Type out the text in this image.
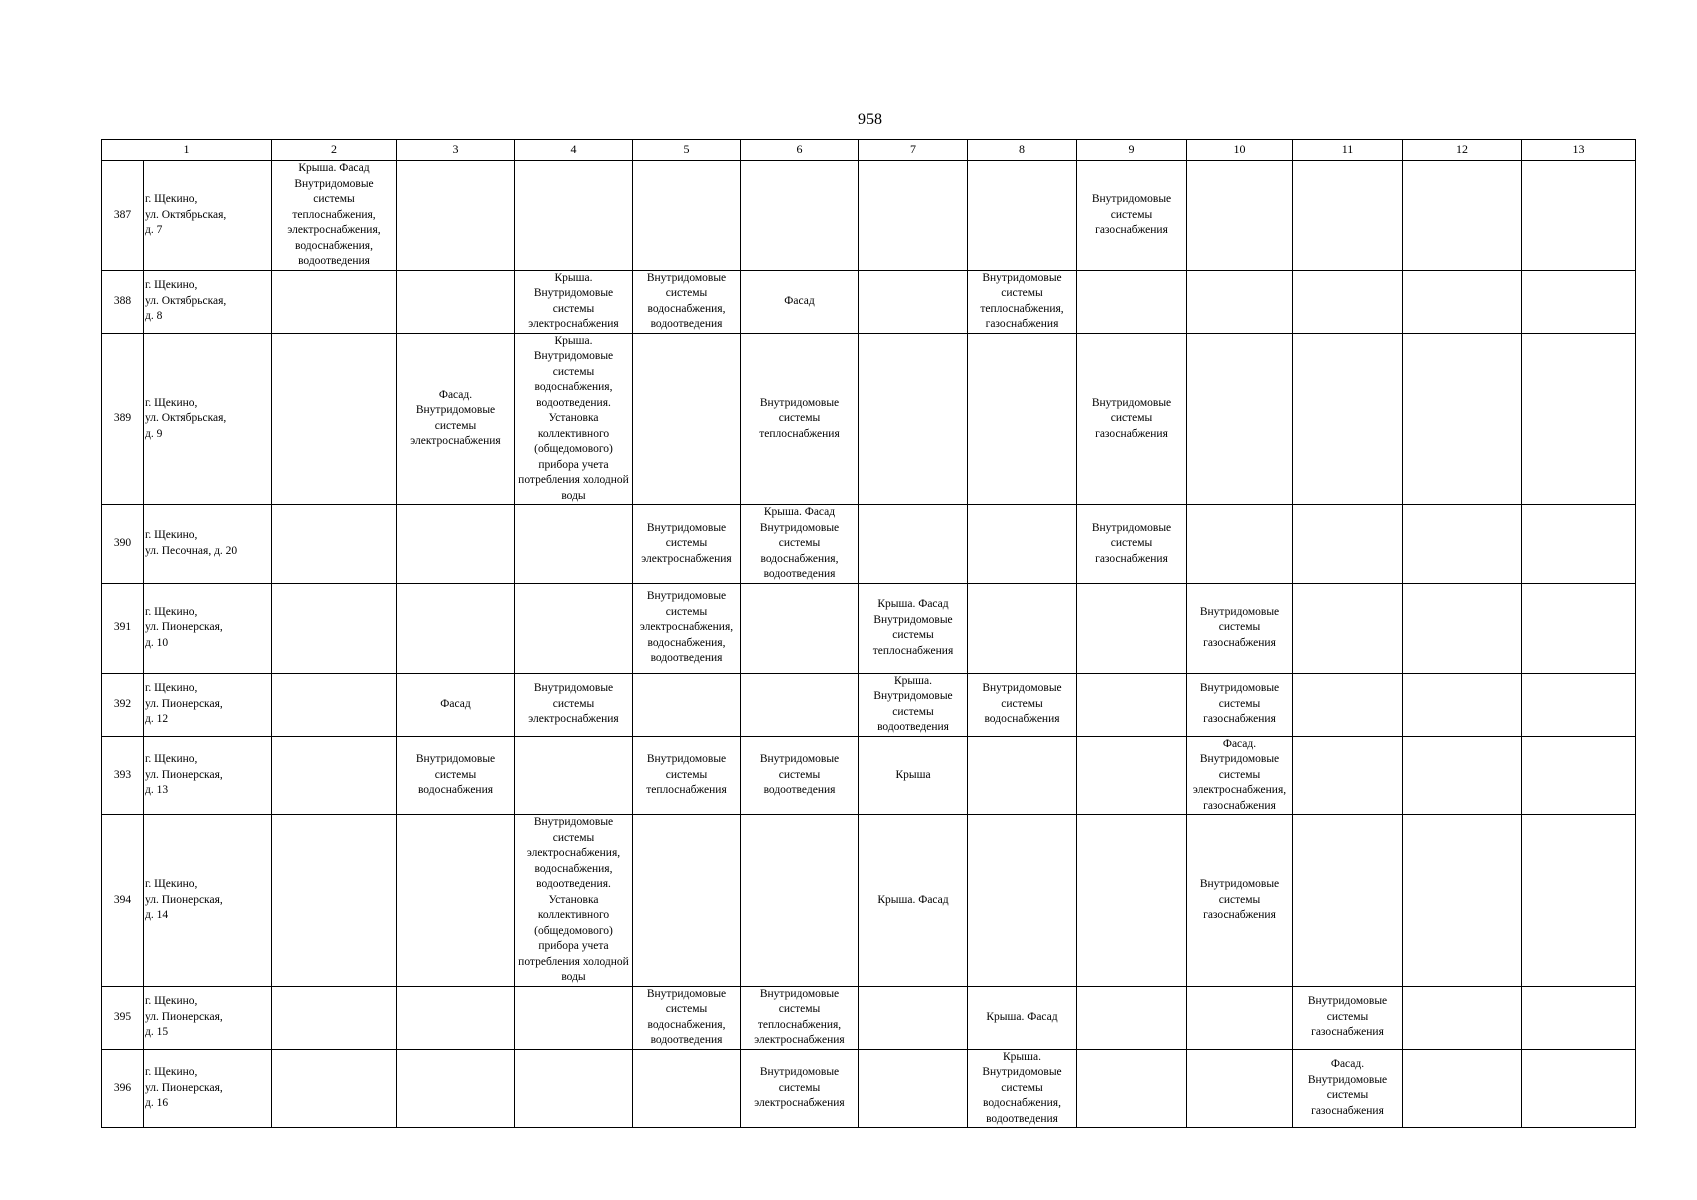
958
1		2	3	4	5	6	7	8	9	10	11	12	13
387	г. Щекино,
ул. Октябрьская,
д. 7	Крыша. Фасад Внутридомовые системы теплоснабжения, электроснабжения, водоснабжения, водоотведения							Внутридомовые системы газоснабжения				
388	г. Щекино,
ул. Октябрьская,
д. 8			Крыша. Внутридомовые системы электроснабжения	Внутридомовые системы водоснабжения, водоотведения	Фасад		Внутридомовые системы теплоснабжения, газоснабжения					
389	г. Щекино,
ул. Октябрьская,
д. 9		Фасад. Внутридомовые системы электроснабжения	Крыша. Внутридомовые системы водоснабжения, водоотведения. Установка коллективного (общедомового) прибора учета потребления холодной воды		Внутридомовые системы теплоснабжения			Внутридомовые системы газоснабжения				
390	г. Щекино,
ул. Песочная, д. 20				Внутридомовые системы электроснабжения	Крыша. Фасад Внутридомовые системы водоснабжения, водоотведения			Внутридомовые системы газоснабжения				
391	г. Щекино,
ул. Пионерская,
д. 10				Внутридомовые системы электроснабжения, водоснабжения, водоотведения		Крыша. Фасад Внутридомовые системы теплоснабжения			Внутридомовые системы газоснабжения			
392	г. Щекино,
ул. Пионерская,
д. 12		Фасад	Внутридомовые системы электроснабжения			Крыша. Внутридомовые системы водоотведения	Внутридомовые системы водоснабжения		Внутридомовые системы газоснабжения			
393	г. Щекино,
ул. Пионерская,
д. 13		Внутридомовые системы водоснабжения		Внутридомовые системы теплоснабжения	Внутридомовые системы водоотведения	Крыша			Фасад. Внутридомовые системы электроснабжения, газоснабжения			
394	г. Щекино,
ул. Пионерская,
д. 14			Внутридомовые системы электроснабжения, водоснабжения, водоотведения. Установка коллективного (общедомового) прибора учета потребления холодной воды			Крыша. Фасад			Внутридомовые системы газоснабжения			
395	г. Щекино,
ул. Пионерская,
д. 15				Внутридомовые системы водоснабжения, водоотведения	Внутридомовые системы теплоснабжения, электроснабжения		Крыша. Фасад			Внутридомовые системы газоснабжения		
396	г. Щекино,
ул. Пионерская,
д. 16					Внутридомовые системы электроснабжения		Крыша. Внутридомовые системы водоснабжения, водоотведения			Фасад. Внутридомовые системы газоснабжения		
